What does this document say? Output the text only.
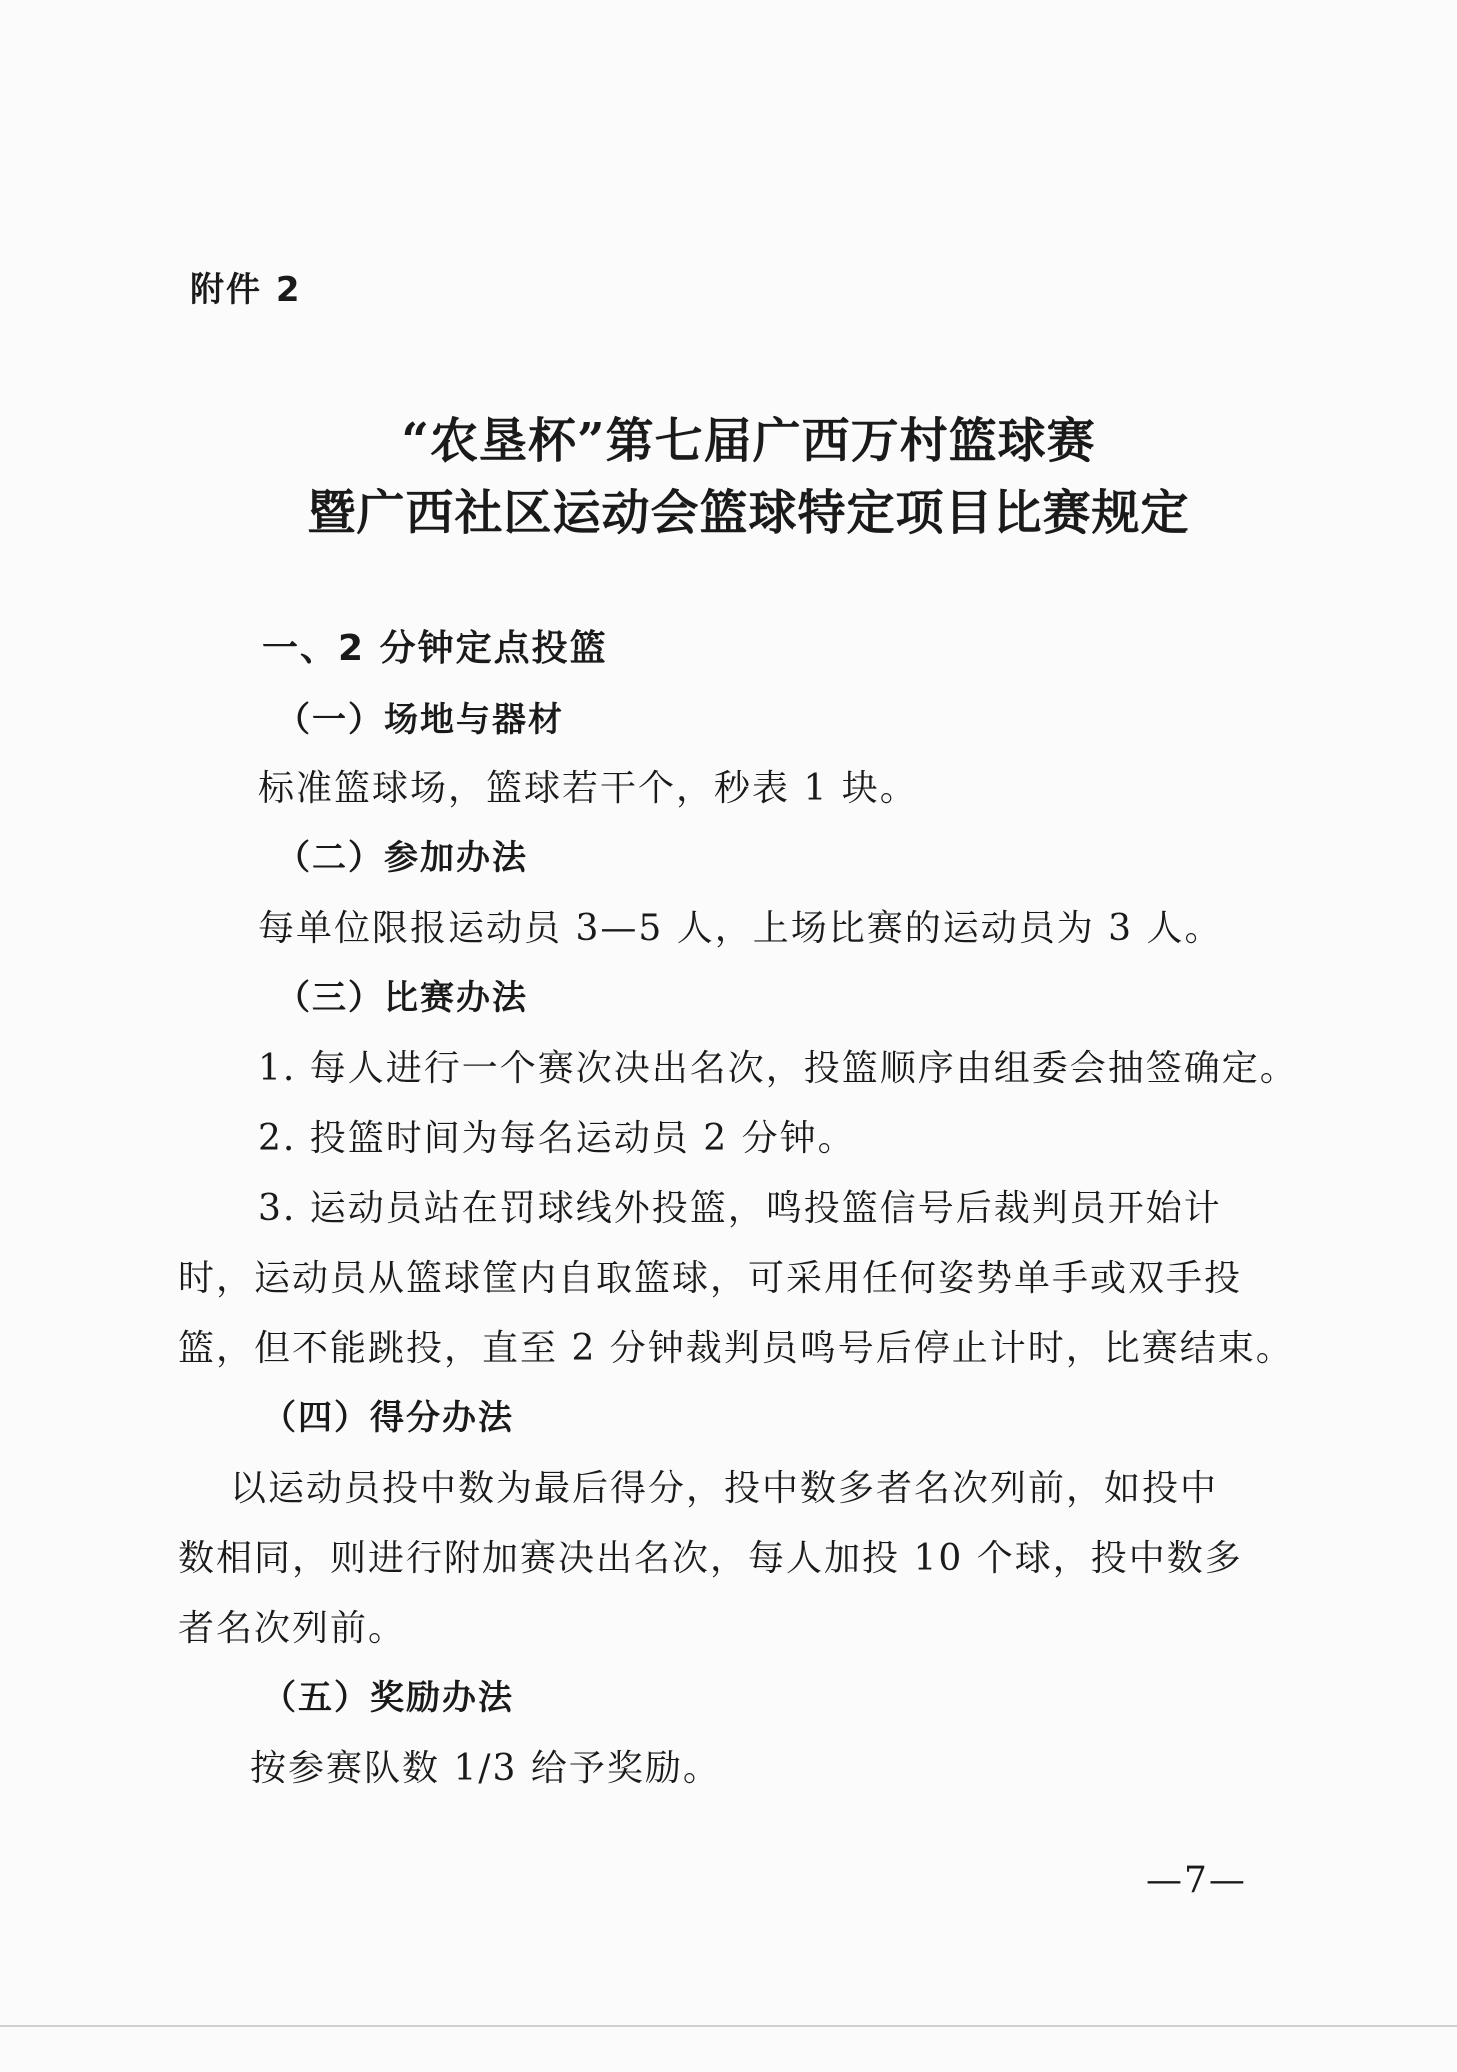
附件 2
“农垦杯”第七届广西万村篮球赛
暨广西社区运动会篮球特定项目比赛规定
一、2 分钟定点投篮
（一）场地与器材
标准篮球场，篮球若干个，秒表 1 块。
（二）参加办法
每单位限报运动员 3—5 人，上场比赛的运动员为 3 人。
（三）比赛办法
1. 每人进行一个赛次决出名次，投篮顺序由组委会抽签确定。
2. 投篮时间为每名运动员 2 分钟。
3. 运动员站在罚球线外投篮，鸣投篮信号后裁判员开始计
时，运动员从篮球筐内自取篮球，可采用任何姿势单手或双手投
篮，但不能跳投，直至 2 分钟裁判员鸣号后停止计时，比赛结束。
（四）得分办法
以运动员投中数为最后得分，投中数多者名次列前，如投中
数相同，则进行附加赛决出名次，每人加投 10 个球，投中数多
者名次列前。
（五）奖励办法
按参赛队数 1/3 给予奖励。
—7—
